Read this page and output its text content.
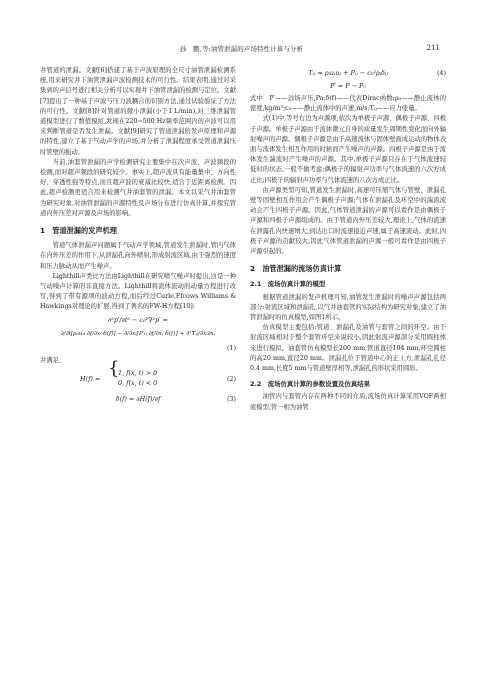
孙　鹏,等:油管泄漏的声场特性计算与分析	211

井管道的泄漏。文献[6]搭建了基于声波原理的全尺寸油管泄漏检测系统,用来研究井下油管泄漏声波检测技术的可行性。结果表明,通过对采集到的声信号进行相关分析可以实现井下油管泄漏的检测与定位。文献[7]提出了一种基于声波与压力波耦合的识别方法,通过试验验证了方法的可行性。文献[8]针对管道的微小泄漏(小于1 L/min),对三维泄漏管道模型进行了数值模拟,发现在220~500 Hz频率范围内的声波可以用来判断管道是否发生泄漏。文献[9]研究了管道泄漏的发声原理和声源的特性,建立了基于气动声学的声场,并分析了泄漏程度承受管道泄漏压时管壁的振动。

当前,油套管泄漏的声学检测研究主要集中在次声波、声波频段的检测,而对超声频段的研究较少。事实上,超声波具有能量集中、方向性好、穿透性强等特点,而且超声波的衰减比较快,适合于近距离检测。因此,超声检测更适合用来检测气井油套管的泄漏。本文以采气井油套管为研究对象,对油管泄漏的声源特性及声场分布进行仿真计算,并探究管道内外压差对声源及声场的影响。

1　管道泄漏的发声机理

管道气体泄漏声问题属于气动声学领域,管道发生泄漏时,管内气体在内外压差的作用下,从泄漏孔向外喷射,形成射流区域,由于强烈的速度和压力脉动从而产生噪声。

Lighthill声类比方法由Lighthill在研究喷气噪声时提出,这是一种气动噪声计算的非直接方法。Lighthill将流体流动的动量方程进行改写,得到了带有源项的波动方程,而后经过Curle,Ffcows Williams & Hawkings对理论的扩展,得到了著名的FW-H方程[10]:

∂²p′/∂t² − c₀²∇²p′ =
∂/∂t[ρ₀uₙ ∂f/∂xᵢ δ(f)] − ∂/∂xᵢ[P′ᵢⱼ ∂f/∂xⱼ δ(f)] + ∂²Tᵢⱼ/∂xᵢ∂xⱼ
(1)

并满足,

H(f) = {
1, f(x, t) > 0
0, f(x, t) < 0	(2)
δ(f) = ∂H(f)/∂f	(3)
Tᵢⱼ = ρᵢuᵢuⱼ + Pᵢⱼ − c₀²ρᵢδᵢⱼ	(4)
P′ = P − P₀

式中　P′——远场声压,Pa;δ(f)——代表Dirac函数;ρ₀——静止流体的密度,kg/m³;c₀——静止流体中的声速,m/s;Tᵢⱼ——应力张量。

式(1)中,等号右边为声源项,依次为单极子声源、偶极子声源、四极子声源。单极子声源由于流体微元自身的质量发生周期性变化而向外辐射噪声的声源。偶极子声源是由于高速流体与固体壁面成运动的物体表面与流体发生相互作用的时候而产生噪声的声源。四极子声源是由于流体发生湍流时产生噪声的声源。其中,单极子声源只存在于气体流速较低时的状态,一般不做考虑;偶极子的辐射声功率与气体流速的六次方成正比;四极子的辐射声功率与气体流速的八次方成正比。

由声源类型可知,管道发生泄漏时,高速可压缩气体与管壁、泄漏孔壁等固壁相互作用会产生偶极子声源;气体在泄漏孔及环空中的湍流流动会产生四极子声源。因此,气体管道泄漏的声源可以看作是由偶极子声源和四极子声源组成的。由于管道内外压差较大,理论上,气体的流速在泄露孔内快速增大,到达出口时流速接近声速,属于高速流动。此时,四极子声源的贡献较大,因此气体管道泄漏的声源一般可看作是由四极子声源引起的。

2　油管泄漏的流场仿真计算
2.1　流场仿真计算的模型

根据管道泄漏的发声机理可知,油管发生泄漏时的噪声声源包括两部分:射流区域和泄漏孔,以气井油套管的实际结构为研究对象,建立了油管泄漏时的仿真模型,如图1所示。

仿真模型主要包括:管道、泄漏孔及油管与套管之间的环空。由于射流区域相对于整个套管环空来说较小,因此射流声源部分采用圆柱体来进行模拟。油套管仿真模型长200 mm,管道直径104 mm,环空圆柱的高20 mm,直径20 mm。泄漏孔位于管道中心的正上方,泄漏孔孔径0.4 mm,长度5 mm与管道壁厚相等,泄漏孔的形状采用圆形。

2.2　流场仿真计算的参数设置及仿真结果

油管内与套管内存在两种不同的介质,流场仿真计算采用VOF两相流模型,管一相为油管
